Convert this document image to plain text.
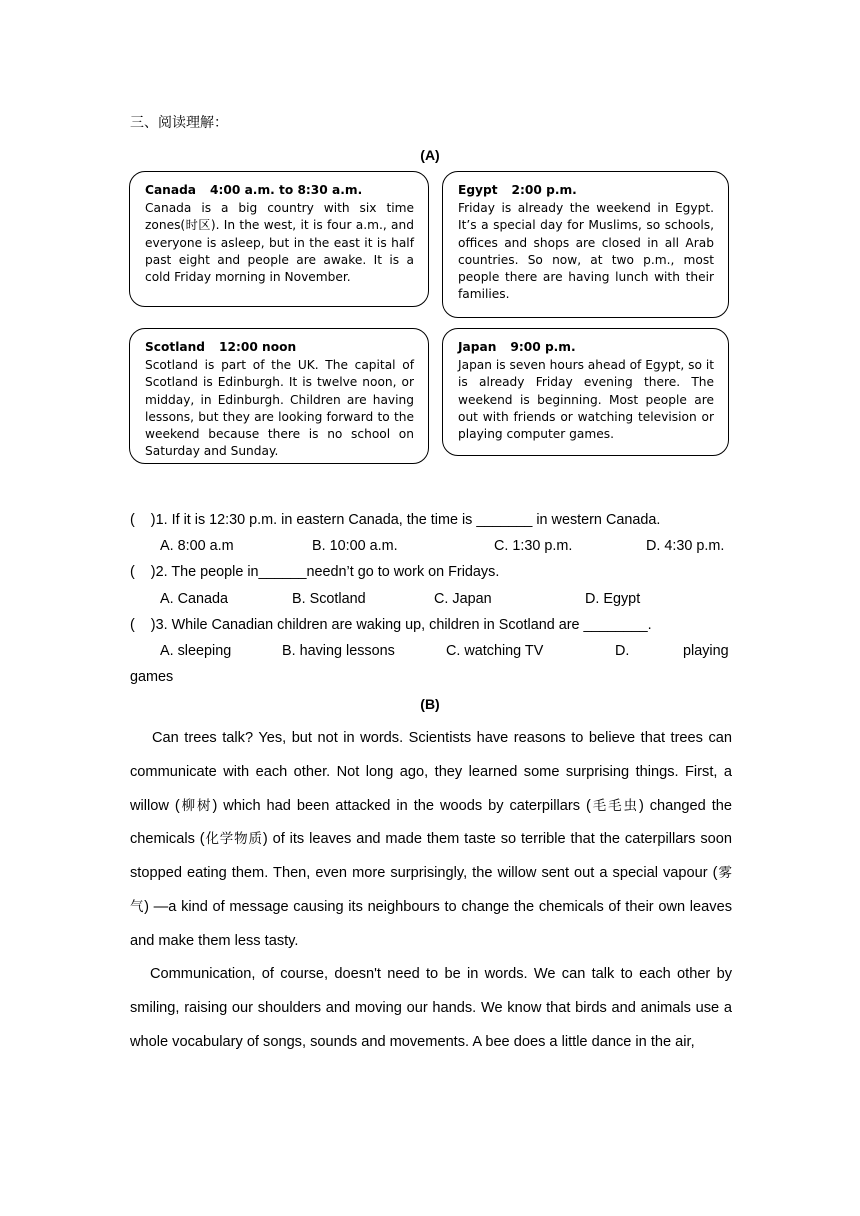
三、阅读理解：
(A)
Canada 4:00 a.m. to 8:30 a.m.
Canada is a big country with six time zones(时区). In the west, it is four a.m., and everyone is asleep, but in the east it is half past eight and people are awake. It is a cold Friday morning in November.
Egypt 2:00 p.m.
Friday is already the weekend in Egypt. It’s a special day for Muslims, so schools, offices and shops are closed in all Arab countries. So now, at two p.m., most people there are having lunch with their families.
Scotland 12:00 noon
Scotland is part of the UK. The capital of Scotland is Edinburgh. It is twelve noon, or midday, in Edinburgh. Children are having lessons, but they are looking forward to the weekend because there is no school on Saturday and Sunday.
Japan 9:00 p.m.
Japan is seven hours ahead of Egypt, so it is already Friday evening there. The weekend is beginning. Most people are out with friends or watching television or playing computer games.
(    )1. If it is 12:30 p.m. in eastern Canada, the time is _______ in western Canada.
A. 8:00 a.m	B. 10:00 a.m.	C. 1:30 p.m.	D. 4:30 p.m.
(    )2. The people in______needn’t go to work on Fridays.
A. Canada	B. Scotland	C. Japan	D. Egypt
(    )3. While Canadian children are waking up, children in Scotland are ________.
A. sleeping	B. having lessons	C. watching TV	D.	playing
games
(B)
Can trees talk? Yes, but not in words. Scientists have reasons to believe that trees can communicate with each other. Not long ago, they learned some surprising things. First, a willow (柳树) which had been attacked in the woods by caterpillars (毛毛虫) changed the chemicals (化学物质) of its leaves and made them taste so terrible that the caterpillars soon stopped eating them. Then, even more surprisingly, the willow sent out a special vapour (雾气) —a kind of message causing its neighbours to change the chemicals of their own leaves and make them less tasty.
Communication, of course, doesn't need to be in words. We can talk to each other by smiling, raising our shoulders and moving our hands. We know that birds and animals use a whole vocabulary of songs, sounds and movements. A bee does a little dance in the air,
